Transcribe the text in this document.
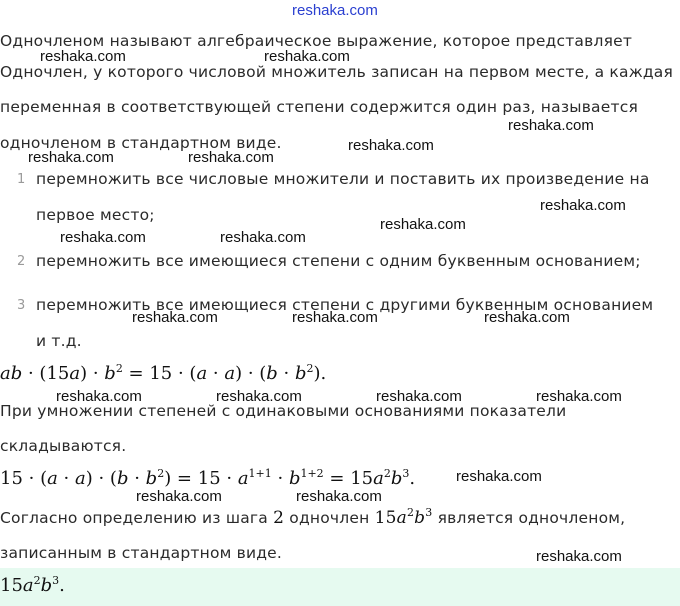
reshaka.com
Одночленом называют алгебраическое выражение, которое представляет
Одночлен, у которого числовой множитель записан на первом месте, а каждая
переменная в соответствующей степени содержится один раз, называется
одночленом в стандартном виде.
1 перемножить все числовые множители и поставить их произведение на
первое место;
2 перемножить все имеющиеся степени с одним буквенным основанием;
3 перемножить все имеющиеся степени с другими буквенным основанием
и т.д.
ab · $(15a) \cdot b^2 = 15 \cdot (a \cdot a) \cdot (b \cdot b^2)$.
При умножении степеней с одинаковыми основаниями показатели
складываются.
$15 \cdot (a \cdot a) \cdot (b \cdot b^2) = 15 \cdot a^{1+1} \cdot b^{1+2} = 15a^2b^3$.
Согласно определению из шага 2 одночлен $15a^2b^3$ является одночленом,
записанным в стандартном виде.
$15a^2b^3$.
reshaka.com	reshaka.com
reshaka.com
reshaka.com
reshaka.com	reshaka.com
reshaka.com
reshaka.com
reshaka.com	reshaka.com
reshaka.com	reshaka.com	reshaka.com
reshaka.com	reshaka.com	reshaka.com	reshaka.com
reshaka.com
reshaka.com	reshaka.com
reshaka.com
